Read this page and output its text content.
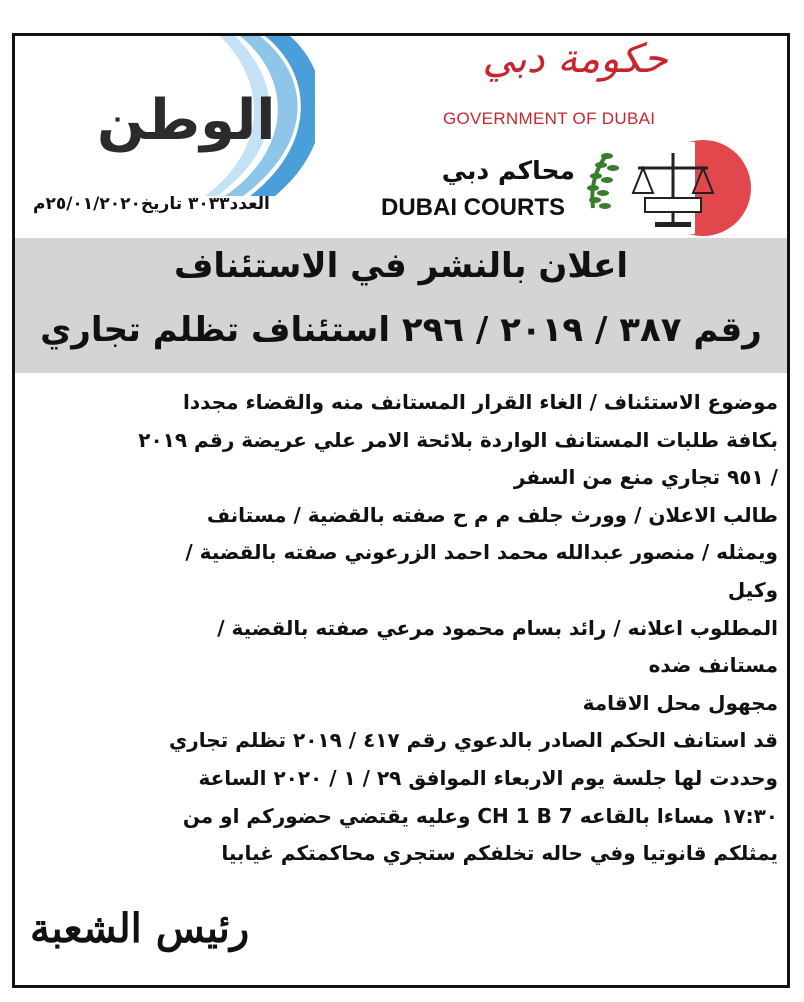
الوطن
العدد٣٠٣٣ تاريخ٢٥/٠١/٢٠٢٠م
حكومة دبي
GOVERNMENT OF DUBAI
محاكم دبي
DUBAI COURTS
اعلان بالنشر في الاستئناف
رقم ٣٨٧ / ٢٠١٩ / ٢٩٦ استئناف تظلم تجاري

موضوع الاستئناف / الغاء القرار المستانف منه والقضاء مجددا

بكافة طلبات المستانف الواردة بلائحة الامر علي عريضة رقم ٢٠١٩

/ ٩٥١ تجاري منع من السفر

طالب الاعلان / وورث جلف م م ح صفته بالقضية / مستانف

ويمثله / منصور عبدالله محمد احمد الزرعوني صفته بالقضية /

وكيل

المطلوب اعلانه / رائد بسام محمود مرعي صفته بالقضية /

مستانف ضده

مجهول محل الاقامة

قد استانف الحكم الصادر بالدعوي رقم ٤١٧ / ٢٠١٩ تظلم تجاري

وحددت لها جلسة يوم الاربعاء الموافق ٢٩ / ١ / ٢٠٢٠ الساعة

١٧:٣٠ مساءا بالقاعه CH 1 B 7 وعليه يقتضي حضوركم او من

يمثلكم قانوتيا وفي حاله تخلفكم ستجري محاكمتكم غيابيا

رئيس الشعبة
